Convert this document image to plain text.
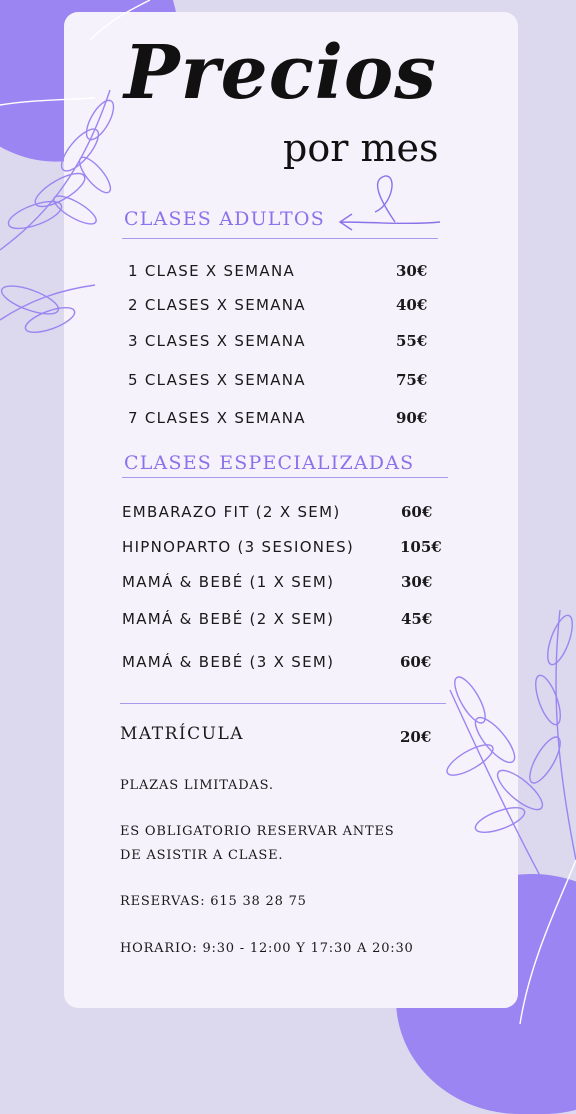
Precios
por mes
CLASES ADULTOS
1 CLASE X SEMANA	30€
2 CLASES X SEMANA	40€
3 CLASES X SEMANA	55€
5 CLASES X SEMANA	75€
7 CLASES X SEMANA	90€
CLASES ESPECIALIZADAS
EMBARAZO FIT (2 X SEM)	60€
HIPNOPARTO (3 SESIONES)	105€
MAMÁ & BEBÉ (1 X SEM)	30€
MAMÁ & BEBÉ (2 X SEM)	45€
MAMÁ & BEBÉ (3 X SEM)	60€
MATRÍCULA	20€
PLAZAS LIMITADAS.
ES OBLIGATORIO RESERVAR ANTES
DE ASISTIR A CLASE.
RESERVAS: 615 38 28 75
HORARIO: 9:30 - 12:00 Y 17:30 A 20:30
